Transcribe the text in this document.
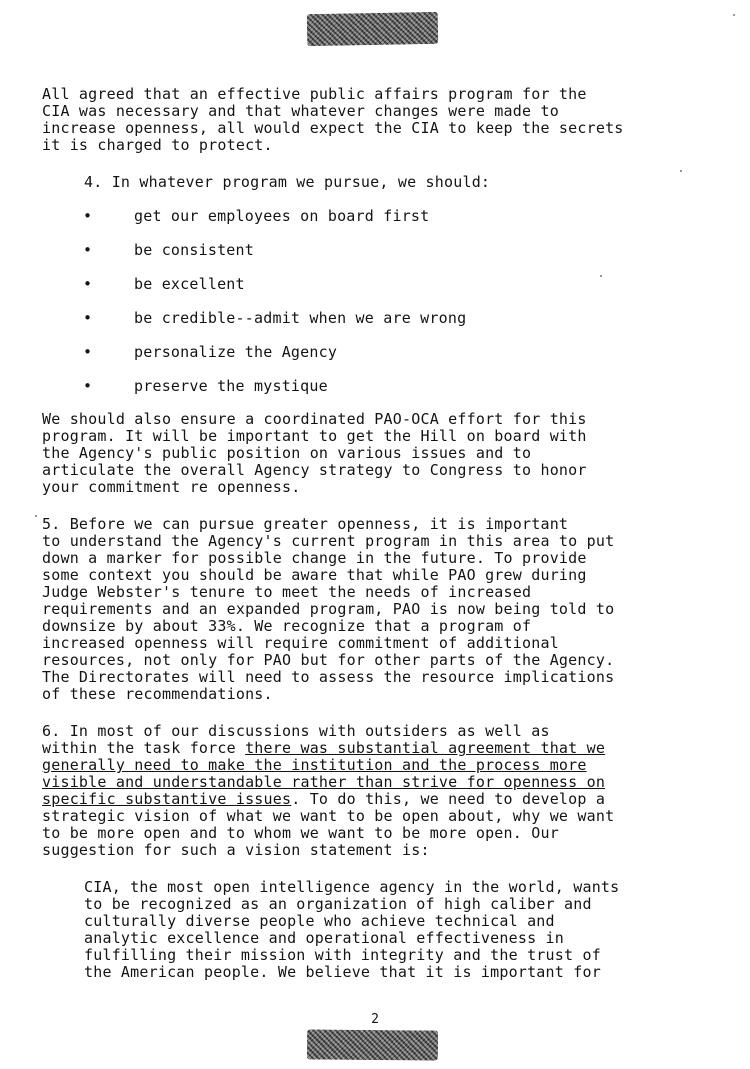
All agreed that an effective public affairs program for the
CIA was necessary and that whatever changes were made to
increase openness, all would expect the CIA to keep the secrets
it is charged to protect.

4. In whatever program we pursue, we should:

•	get our employees on board first
•	be consistent
•	be excellent
•	be credible--admit when we are wrong
•	personalize the Agency
•	preserve the mystique

We should also ensure a coordinated PAO-OCA effort for this
program. It will be important to get the Hill on board with
the Agency's public position on various issues and to
articulate the overall Agency strategy to Congress to honor
your commitment re openness.

5. Before we can pursue greater openness, it is important
to understand the Agency's current program in this area to put
down a marker for possible change in the future. To provide
some context you should be aware that while PAO grew during
Judge Webster's tenure to meet the needs of increased
requirements and an expanded program, PAO is now being told to
downsize by about 33%. We recognize that a program of
increased openness will require commitment of additional
resources, not only for PAO but for other parts of the Agency.
The Directorates will need to assess the resource implications
of these recommendations.

6. In most of our discussions with outsiders as well as
within the task force there was substantial agreement that we
generally need to make the institution and the process more
visible and understandable rather than strive for openness on
specific substantive issues. To do this, we need to develop a
strategic vision of what we want to be open about, why we want
to be more open and to whom we want to be more open. Our
suggestion for such a vision statement is:

CIA, the most open intelligence agency in the world, wants
to be recognized as an organization of high caliber and
culturally diverse people who achieve technical and
analytic excellence and operational effectiveness in
fulfilling their mission with integrity and the trust of
the American people. We believe that it is important for

2
